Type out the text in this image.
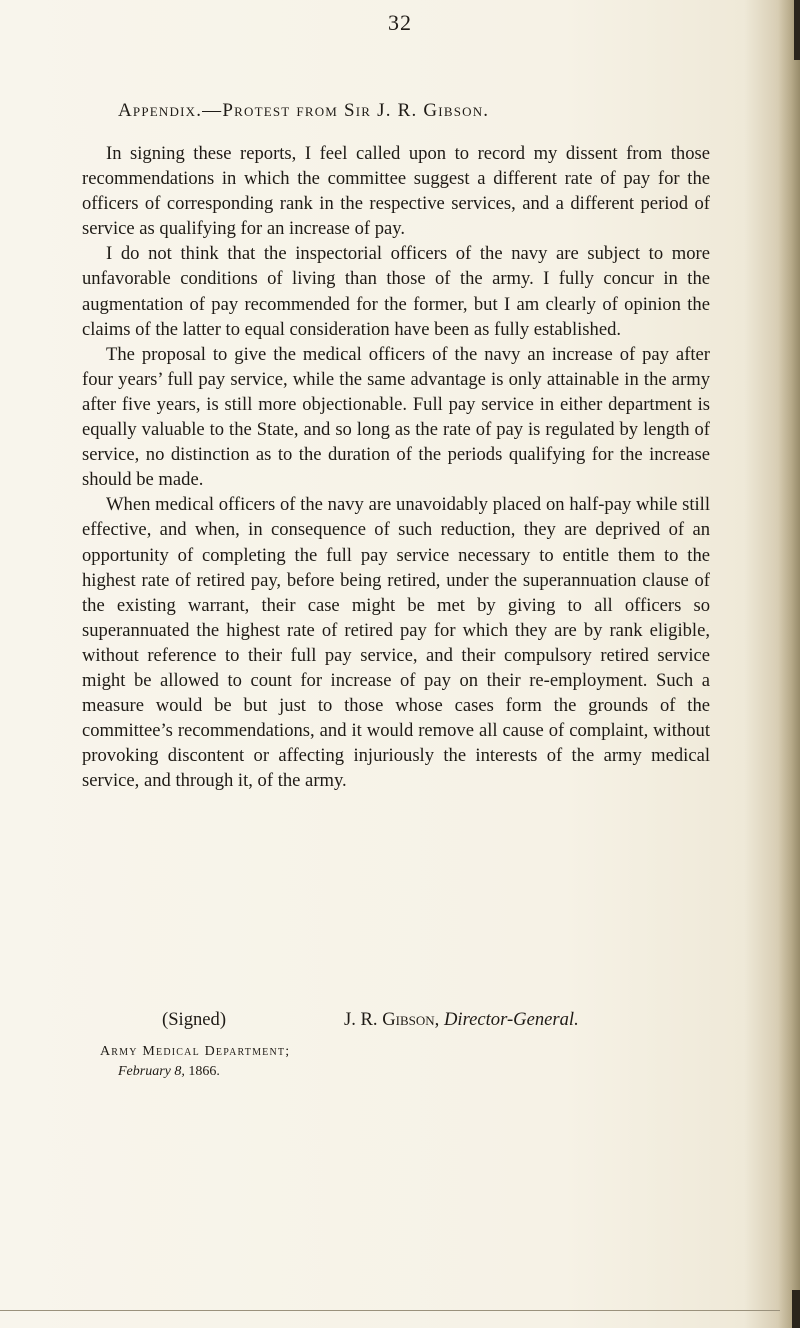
32
Appendix.—Protest from Sir J. R. Gibson.

In signing these reports, I feel called upon to record my dissent from those recommendations in which the committee suggest a different rate of pay for the officers of corresponding rank in the respective services, and a different period of service as qualifying for an increase of pay.

I do not think that the inspectorial officers of the navy are subject to more unfavorable conditions of living than those of the army. I fully concur in the augmentation of pay recommended for the former, but I am clearly of opinion the claims of the latter to equal consideration have been as fully established.

The proposal to give the medical officers of the navy an increase of pay after four years’ full pay service, while the same advantage is only attainable in the army after five years, is still more objectionable. Full pay service in either department is equally valuable to the State, and so long as the rate of pay is regulated by length of service, no distinction as to the duration of the periods qualifying for the increase should be made.

When medical officers of the navy are unavoidably placed on half-pay while still effective, and when, in consequence of such reduction, they are deprived of an opportunity of completing the full pay service necessary to entitle them to the highest rate of retired pay, before being retired, under the superannuation clause of the existing warrant, their case might be met by giving to all officers so superannuated the highest rate of retired pay for which they are by rank eligible, without reference to their full pay service, and their compulsory retired service might be allowed to count for increase of pay on their re-employment. Such a measure would be but just to those whose cases form the grounds of the committee’s recommendations, and it would remove all cause of complaint, without provoking discontent or affecting injuriously the interests of the army medical service, and through it, of the army.

(Signed)	J. R. Gibson, Director-General.
Army Medical Department;
February 8, 1866.
